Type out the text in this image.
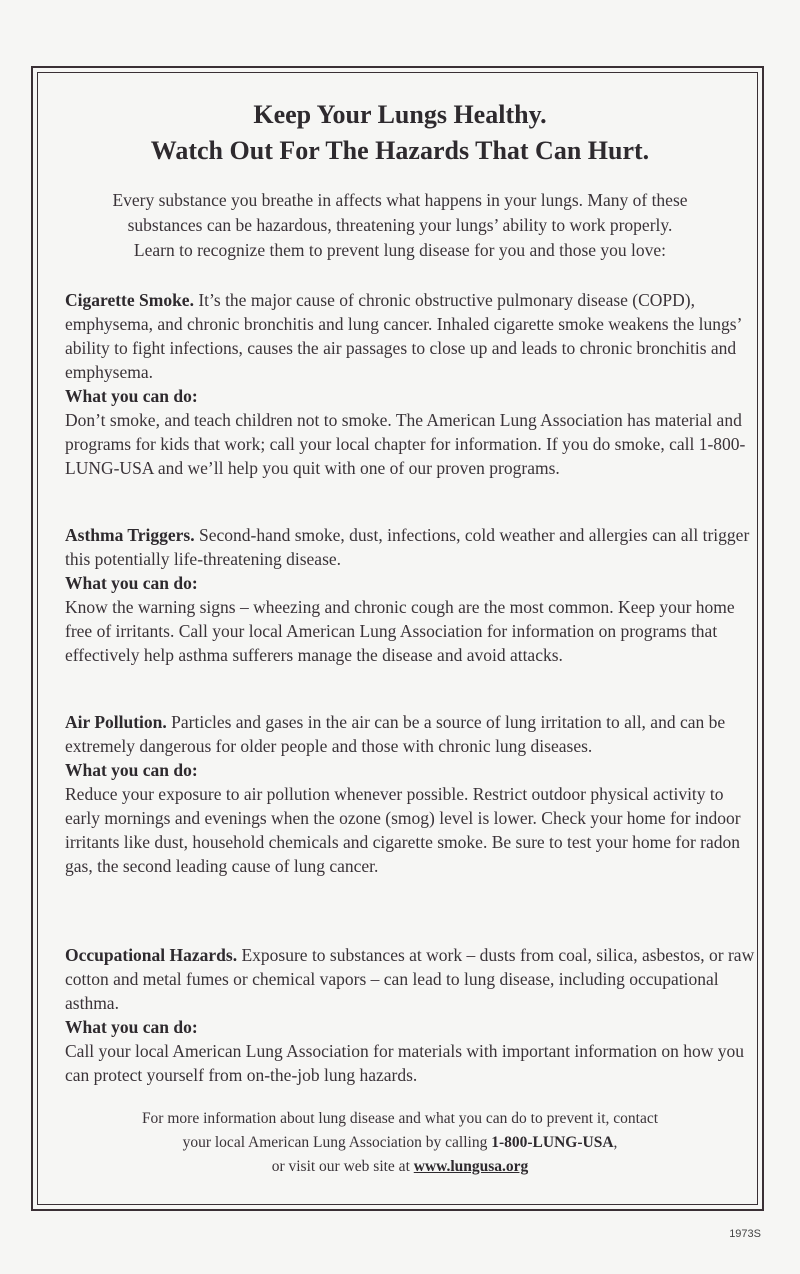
Keep Your Lungs Healthy.
Watch Out For The Hazards That Can Hurt.

Every substance you breathe in affects what happens in your lungs. Many of these
substances can be hazardous, threatening your lungs’ ability to work properly.
Learn to recognize them to prevent lung disease for you and those you love:

Cigarette Smoke. It’s the major cause of chronic obstructive pulmonary disease (COPD), emphysema, and chronic bronchitis and lung cancer. Inhaled cigarette smoke weakens the lungs’ ability to fight infections, causes the air passages to close up and leads to chronic bronchitis and emphysema.

What you can do:

Don’t smoke, and teach children not to smoke. The American Lung Association has material and programs for kids that work; call your local chapter for information. If you do smoke, call 1-800-LUNG-USA and we’ll help you quit with one of our proven programs.

Asthma Triggers. Second-hand smoke, dust, infections, cold weather and allergies can all trigger this potentially life-threatening disease.

What you can do:

Know the warning signs – wheezing and chronic cough are the most common. Keep your home free of irritants. Call your local American Lung Association for information on programs that effectively help asthma sufferers manage the disease and avoid attacks.

Air Pollution. Particles and gases in the air can be a source of lung irritation to all, and can be extremely dangerous for older people and those with chronic lung diseases.

What you can do:

Reduce your exposure to air pollution whenever possible. Restrict outdoor physical activity to early mornings and evenings when the ozone (smog) level is lower. Check your home for indoor irritants like dust, household chemicals and cigarette smoke. Be sure to test your home for radon gas, the second leading cause of lung cancer.

Occupational Hazards. Exposure to substances at work – dusts from coal, silica, asbestos, or raw cotton and metal fumes or chemical vapors – can lead to lung disease, including occupational asthma.

What you can do:

Call your local American Lung Association for materials with important information on how you can protect yourself from on-the-job lung hazards.

For more information about lung disease and what you can do to prevent it, contact
your local American Lung Association by calling 1-800-LUNG-USA,
or visit our web site at www.lungusa.org

1973S
